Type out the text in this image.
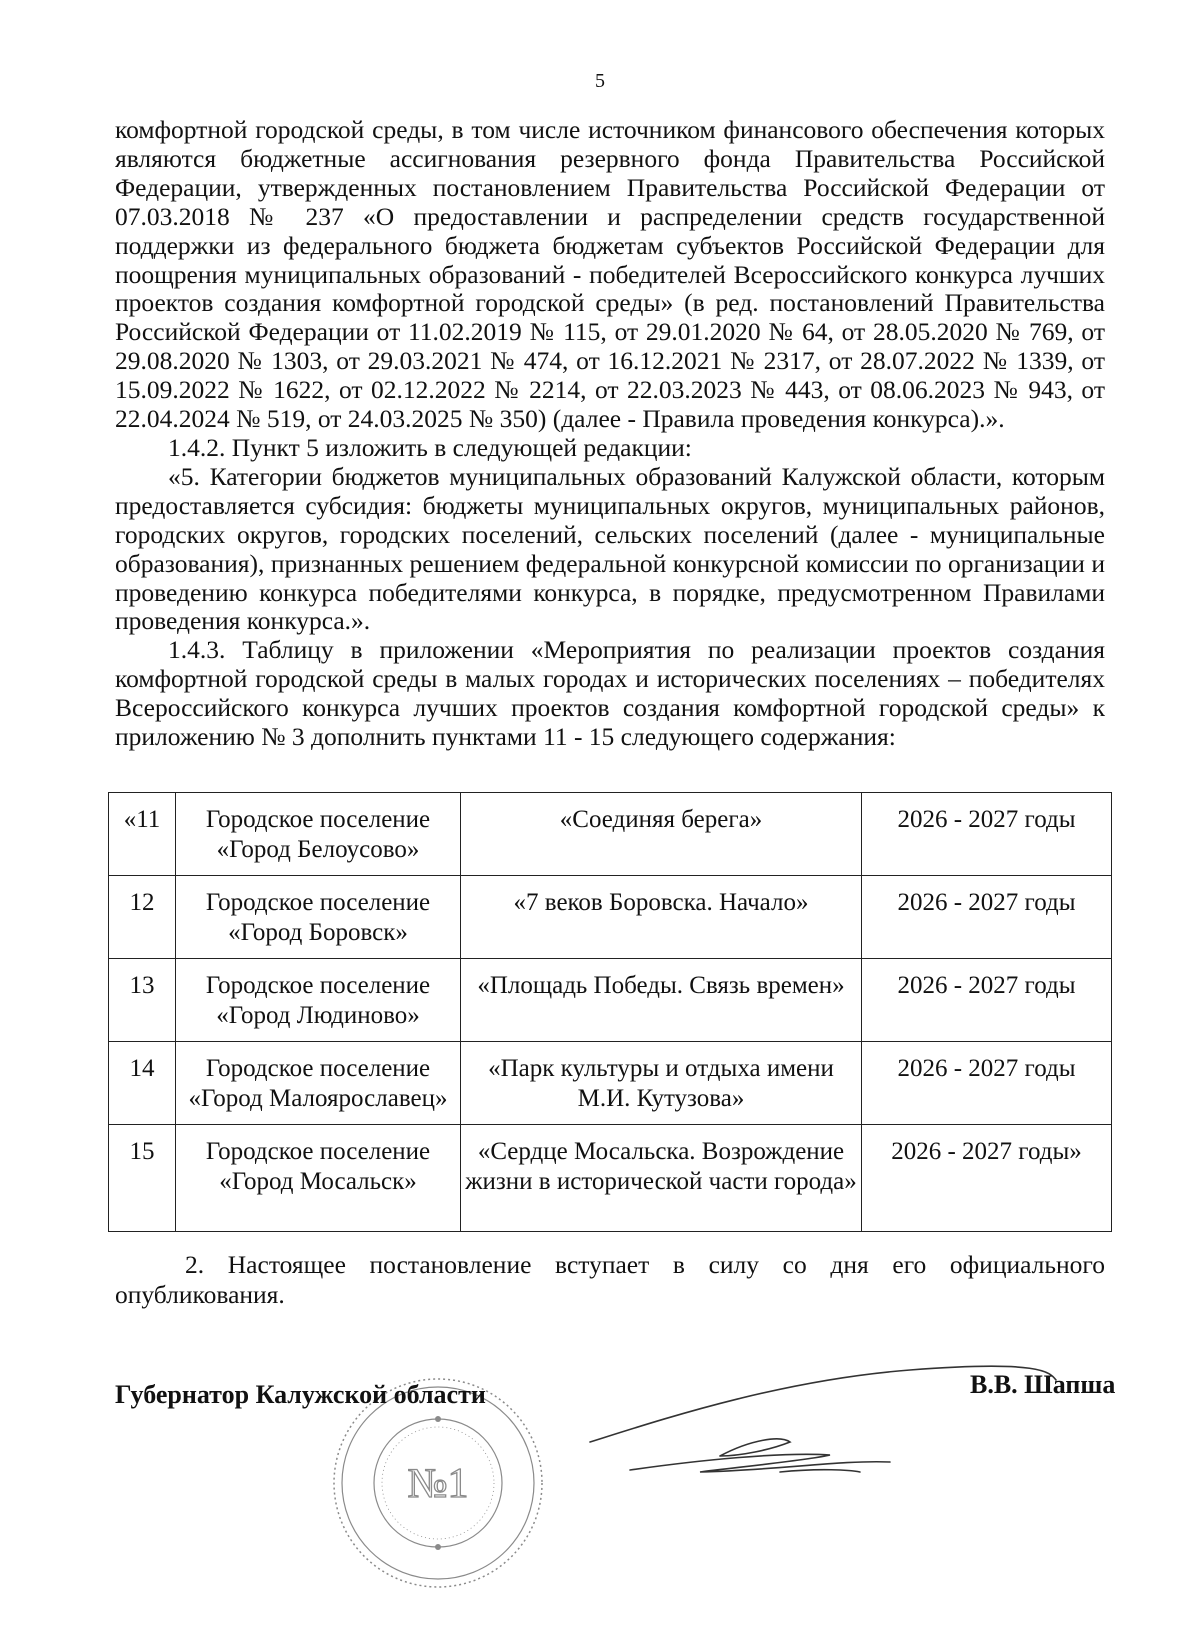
5

комфортной городской среды, в том числе источником финансового обеспечения которых являются бюджетные ассигнования резервного фонда Правительства Российской Федерации, утвержденных постановлением Правительства Российской Федерации от 07.03.2018 № 237 «О предоставлении и распределении средств государственной поддержки из федерального бюджета бюджетам субъектов Российской Федерации для поощрения муниципальных образований - победителей Всероссийского конкурса лучших проектов создания комфортной городской среды» (в ред. постановлений Правительства Российской Федерации от 11.02.2019 № 115, от 29.01.2020 № 64, от 28.05.2020 № 769, от 29.08.2020 № 1303, от 29.03.2021 № 474, от 16.12.2021 № 2317, от 28.07.2022 № 1339, от 15.09.2022 № 1622, от 02.12.2022 № 2214, от 22.03.2023 № 443, от 08.06.2023 № 943, от 22.04.2024 № 519, от 24.03.2025 № 350) (далее - Правила проведения конкурса).».

1.4.2. Пункт 5 изложить в следующей редакции:

«5. Категории бюджетов муниципальных образований Калужской области, которым предоставляется субсидия: бюджеты муниципальных округов, муниципальных районов, городских округов, городских поселений, сельских поселений (далее - муниципальные образования), признанных решением федеральной конкурсной комиссии по организации и проведению конкурса победителями конкурса, в порядке, предусмотренном Правилами проведения конкурса.».

1.4.3. Таблицу в приложении «Мероприятия по реализации проектов создания комфортной городской среды в малых городах и исторических поселениях – победителях Всероссийского конкурса лучших проектов создания комфортной городской среды» к приложению № 3 дополнить пунктами 11 - 15 следующего содержания:

«11	Городское поселение «Город Белоусово»	«Соединяя берега»	2026 - 2027 годы
12	Городское поселение «Город Боровск»	«7 веков Боровска. Начало»	2026 - 2027 годы
13	Городское поселение «Город Людиново»	«Площадь Победы. Связь времен»	2026 - 2027 годы
14	Городское поселение «Город Малоярославец»	«Парк культуры и отдыха имени М.И. Кутузова»	2026 - 2027 годы
15	Городское поселение «Город Мосальск»	«Сердце Мосальска. Возрождение жизни в исторической части города»	2026 - 2027 годы»

2. Настоящее постановление вступает в силу со дня его официального опубликования.

№1
Губернатор Калужской области	В.В. Шапша
